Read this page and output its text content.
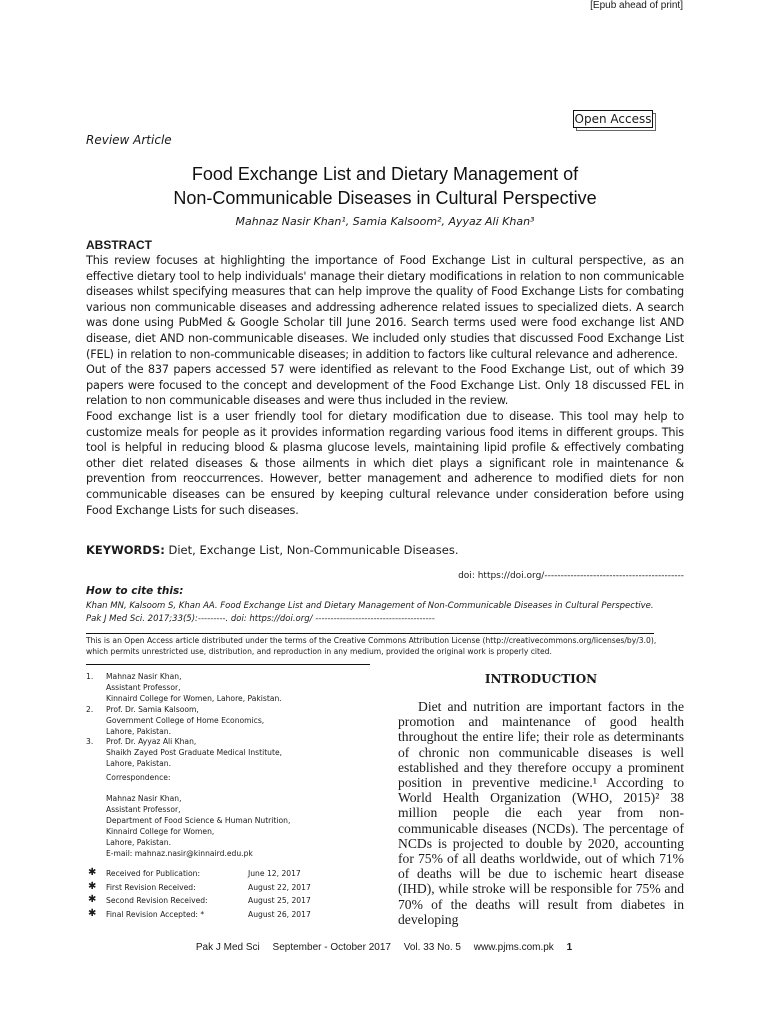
[Epub ahead of print]
Open Access
Review Article
Food Exchange List and Dietary Management of
Non-Communicable Diseases in Cultural Perspective
Mahnaz Nasir Khan¹, Samia Kalsoom², Ayyaz Ali Khan³
ABSTRACT

This review focuses at highlighting the importance of Food Exchange List in cultural perspective, as an effective dietary tool to help individuals' manage their dietary modifications in relation to non communicable diseases whilst specifying measures that can help improve the quality of Food Exchange Lists for combating various non communicable diseases and addressing adherence related issues to specialized diets. A search was done using PubMed & Google Scholar till June 2016. Search terms used were food exchange list AND disease, diet AND non-communicable diseases. We included only studies that discussed Food Exchange List (FEL) in relation to non-communicable diseases; in addition to factors like cultural relevance and adherence.

Out of the 837 papers accessed 57 were identified as relevant to the Food Exchange List, out of which 39 papers were focused to the concept and development of the Food Exchange List. Only 18 discussed FEL in relation to non communicable diseases and were thus included in the review.

Food exchange list is a user friendly tool for dietary modification due to disease. This tool may help to customize meals for people as it provides information regarding various food items in different groups. This tool is helpful in reducing blood & plasma glucose levels, maintaining lipid profile & effectively combating other diet related diseases & those ailments in which diet plays a significant role in maintenance & prevention from reoccurrences. However, better management and adherence to modified diets for non communicable diseases can be ensured by keeping cultural relevance under consideration before using Food Exchange Lists for such diseases.

KEYWORDS: Diet, Exchange List, Non-Communicable Diseases.
doi: https://doi.org/-------------------------------------------
How to cite this:
Khan MN, Kalsoom S, Khan AA. Food Exchange List and Dietary Management of Non-Communicable Diseases in Cultural Perspective.
Pak J Med Sci. 2017;33(5):---------. doi: https://doi.org/ ---------------------------------------
This is an Open Access article distributed under the terms of the Creative Commons Attribution License (http://creativecommons.org/licenses/by/3.0),
which permits unrestricted use, distribution, and reproduction in any medium, provided the original work is properly cited.
1.	Mahnaz Nasir Khan,
Assistant Professor,
Kinnaird College for Women, Lahore, Pakistan.
2.	Prof. Dr. Samia Kalsoom,
Government College of Home Economics,
Lahore, Pakistan.
3.	Prof. Dr. Ayyaz Ali Khan,
Shaikh Zayed Post Graduate Medical Institute,
Lahore, Pakistan.
Correspondence:
Mahnaz Nasir Khan,
Assistant Professor,
Department of Food Science & Human Nutrition,
Kinnaird College for Women,
Lahore, Pakistan.
E-mail: mahnaz.nasir@kinnaird.edu.pk
✱ Received for Publication:	June 12, 2017
✱ First Revision Received:	August 22, 2017
✱ Second Revision Received:	August 25, 2017
✱ Final Revision Accepted: *	August 26, 2017
INTRODUCTION
Diet and nutrition are important factors in the promotion and maintenance of good health throughout the entire life; their role as determinants of chronic non communicable diseases is well established and they therefore occupy a prominent position in preventive medicine.¹ According to World Health Organization (WHO, 2015)² 38 million people die each year from non-communicable diseases (NCDs). The percentage of NCDs is projected to double by 2020, accounting for 75% of all deaths worldwide, out of which 71% of deaths will be due to ischemic heart disease (IHD), while stroke will be responsible for 75% and 70% of the deaths will result from diabetes in developing
Pak J Med Sci September - October 2017 Vol. 33 No. 5 www.pjms.com.pk 1
